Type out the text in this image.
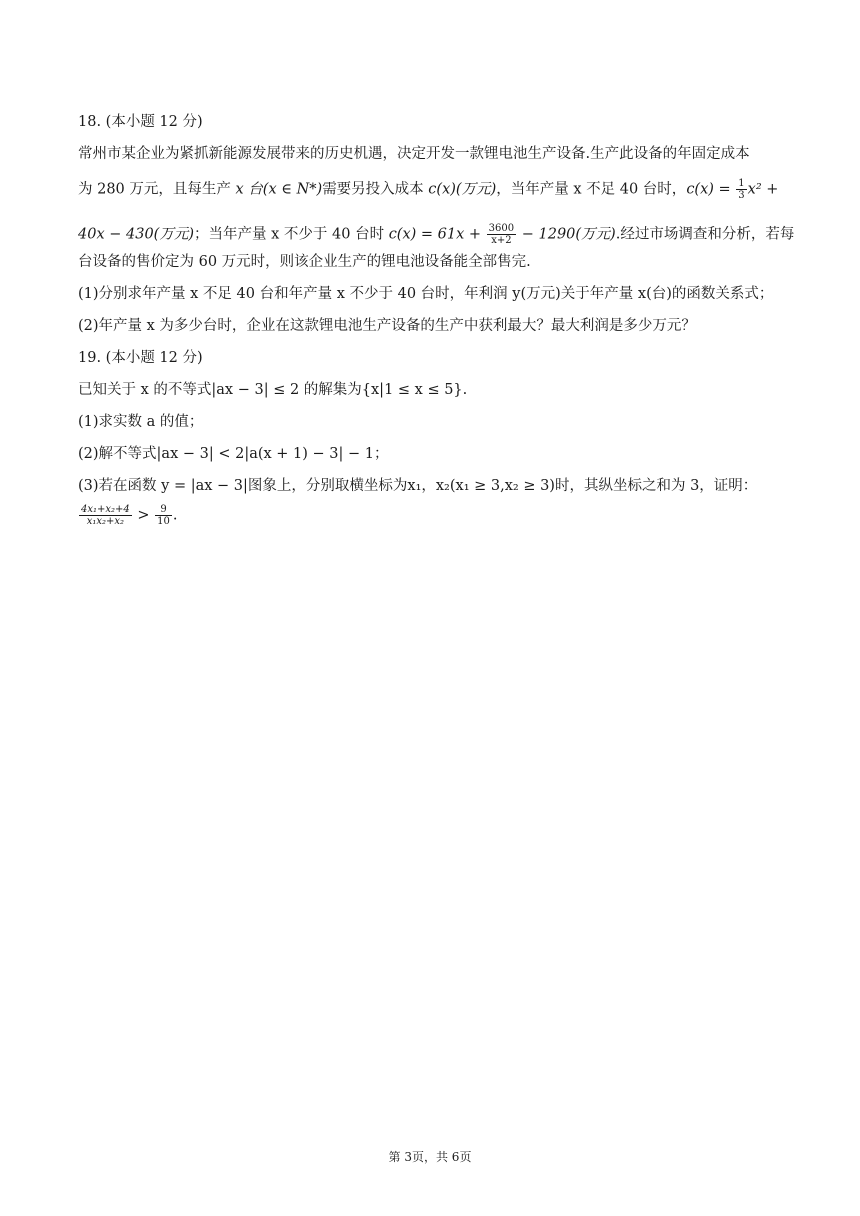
18. (本小题 12 分)
常州市某企业为紧抓新能源发展带来的历史机遇，决定开发一款锂电池生产设备.生产此设备的年固定成本
为 280 万元，且每生产 x 台(x ∈ N*)需要另投入成本 c(x)(万元)，当年产量 x 不足 40 台时，$c(x) = \frac{1}{3} x^2$ +
40x − 430(万元)；当年产量 x 不少于 40 台时 $c(x) = 61x + \frac{3600}{x+2} - 1290$(万元).经过市场调查和分析，若每
台设备的售价定为 60 万元时，则该企业生产的锂电池设备能全部售完.
(1)分别求年产量 x 不足 40 台和年产量 x 不少于 40 台时，年利润 y(万元)关于年产量 x(台)的函数关系式；
(2)年产量 x 为多少台时，企业在这款锂电池生产设备的生产中获利最大？最大利润是多少万元？
19. (本小题 12 分)
已知关于 x 的不等式|ax − 3| ≤ 2 的解集为{x|1 ≤ x ≤ 5}.
(1)求实数 a 的值；
(2)解不等式|ax − 3| < 2|a(x + 1) − 3| − 1；
(3)若在函数 y = |ax − 3|图象上，分别取横坐标为x₁，x₂(x₁ ≥ 3,x₂ ≥ 3)时，其纵坐标之和为 3，证明：
$\frac{\text{4x₁+x₂+4}}{\text{x₁x₂+x₂}} > \frac{9}{10}$ .
第 3页，共 6页
